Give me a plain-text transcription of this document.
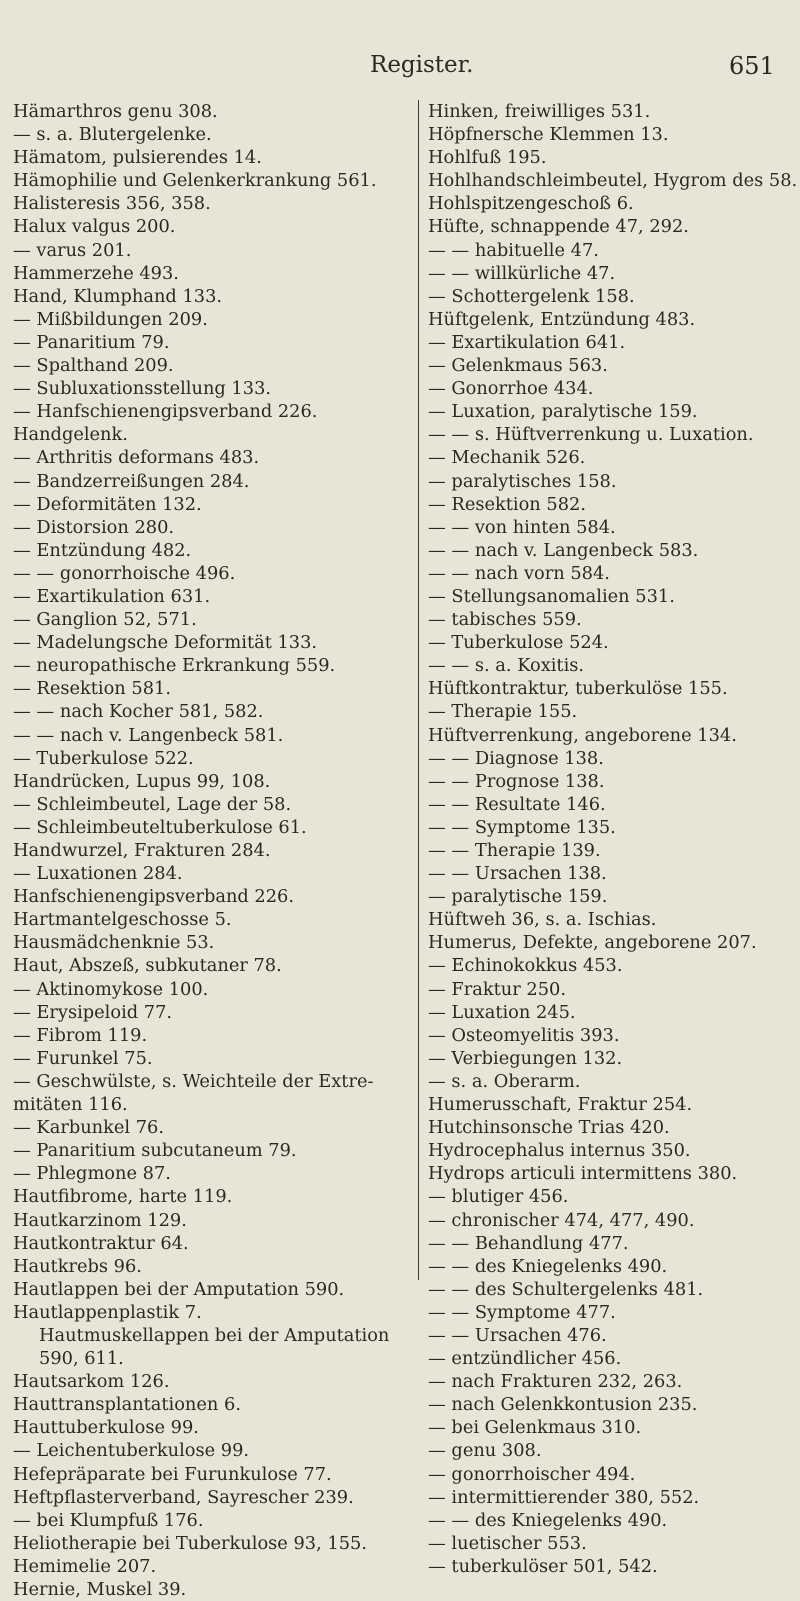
Register.	651
Hämarthros genu 308.
— s. a. Blutergelenke.
Hämatom, pulsierendes 14.
Hämophilie und Gelenkerkrankung 561.
Halisteresis 356, 358.
Halux valgus 200.
— varus 201.
Hammerzehe 493.
Hand, Klumphand 133.
— Mißbildungen 209.
— Panaritium 79.
— Spalthand 209.
— Subluxationsstellung 133.
— Hanfschienengipsverband 226.
Handgelenk.
— Arthritis deformans 483.
— Bandzerreißungen 284.
— Deformitäten 132.
— Distorsion 280.
— Entzündung 482.
— — gonorrhoische 496.
— Exartikulation 631.
— Ganglion 52, 571.
— Madelungsche Deformität 133.
— neuropathische Erkrankung 559.
— Resektion 581.
— — nach Kocher 581, 582.
— — nach v. Langenbeck 581.
— Tuberkulose 522.
Handrücken, Lupus 99, 108.
— Schleimbeutel, Lage der 58.
— Schleimbeuteltuberkulose 61.
Handwurzel, Frakturen 284.
— Luxationen 284.
Hanfschienengipsverband 226.
Hartmantelgeschosse 5.
Hausmädchenknie 53.
Haut, Abszeß, subkutaner 78.
— Aktinomykose 100.
— Erysipeloid 77.
— Fibrom 119.
— Furunkel 75.
— Geschwülste, s. Weichteile der Extre-
mitäten 116.
— Karbunkel 76.
— Panaritium subcutaneum 79.
— Phlegmone 87.
Hautfibrome, harte 119.
Hautkarzinom 129.
Hautkontraktur 64.
Hautkrebs 96.
Hautlappen bei der Amputation 590.
Hautlappenplastik 7.
Hautmuskellappen bei der Amputation
590, 611.
Hautsarkom 126.
Hauttransplantationen 6.
Hauttuberkulose 99.
— Leichentuberkulose 99.
Hefepräparate bei Furunkulose 77.
Heftpflasterverband, Sayrescher 239.
— bei Klumpfuß 176.
Heliotherapie bei Tuberkulose 93, 155.
Hemimelie 207.
Hernie, Muskel 39.
Hinken, freiwilliges 531.
Höpfnersche Klemmen 13.
Hohlfuß 195.
Hohlhandschleimbeutel, Hygrom des 58.
Hohlspitzengeschoß 6.
Hüfte, schnappende 47, 292.
— — habituelle 47.
— — willkürliche 47.
— Schottergelenk 158.
Hüftgelenk, Entzündung 483.
— Exartikulation 641.
— Gelenkmaus 563.
— Gonorrhoe 434.
— Luxation, paralytische 159.
— — s. Hüftverrenkung u. Luxation.
— Mechanik 526.
— paralytisches 158.
— Resektion 582.
— — von hinten 584.
— — nach v. Langenbeck 583.
— — nach vorn 584.
— Stellungsanomalien 531.
— tabisches 559.
— Tuberkulose 524.
— — s. a. Koxitis.
Hüftkontraktur, tuberkulöse 155.
— Therapie 155.
Hüftverrenkung, angeborene 134.
— — Diagnose 138.
— — Prognose 138.
— — Resultate 146.
— — Symptome 135.
— — Therapie 139.
— — Ursachen 138.
— paralytische 159.
Hüftweh 36, s. a. Ischias.
Humerus, Defekte, angeborene 207.
— Echinokokkus 453.
— Fraktur 250.
— Luxation 245.
— Osteomyelitis 393.
— Verbiegungen 132.
— s. a. Oberarm.
Humerusschaft, Fraktur 254.
Hutchinsonsche Trias 420.
Hydrocephalus internus 350.
Hydrops articuli intermittens 380.
— blutiger 456.
— chronischer 474, 477, 490.
— — Behandlung 477.
— — des Kniegelenks 490.
— — des Schultergelenks 481.
— — Symptome 477.
— — Ursachen 476.
— entzündlicher 456.
— nach Frakturen 232, 263.
— nach Gelenkkontusion 235.
— bei Gelenkmaus 310.
— genu 308.
— gonorrhoischer 494.
— intermittierender 380, 552.
— — des Kniegelenks 490.
— luetischer 553.
— tuberkulöser 501, 542.
